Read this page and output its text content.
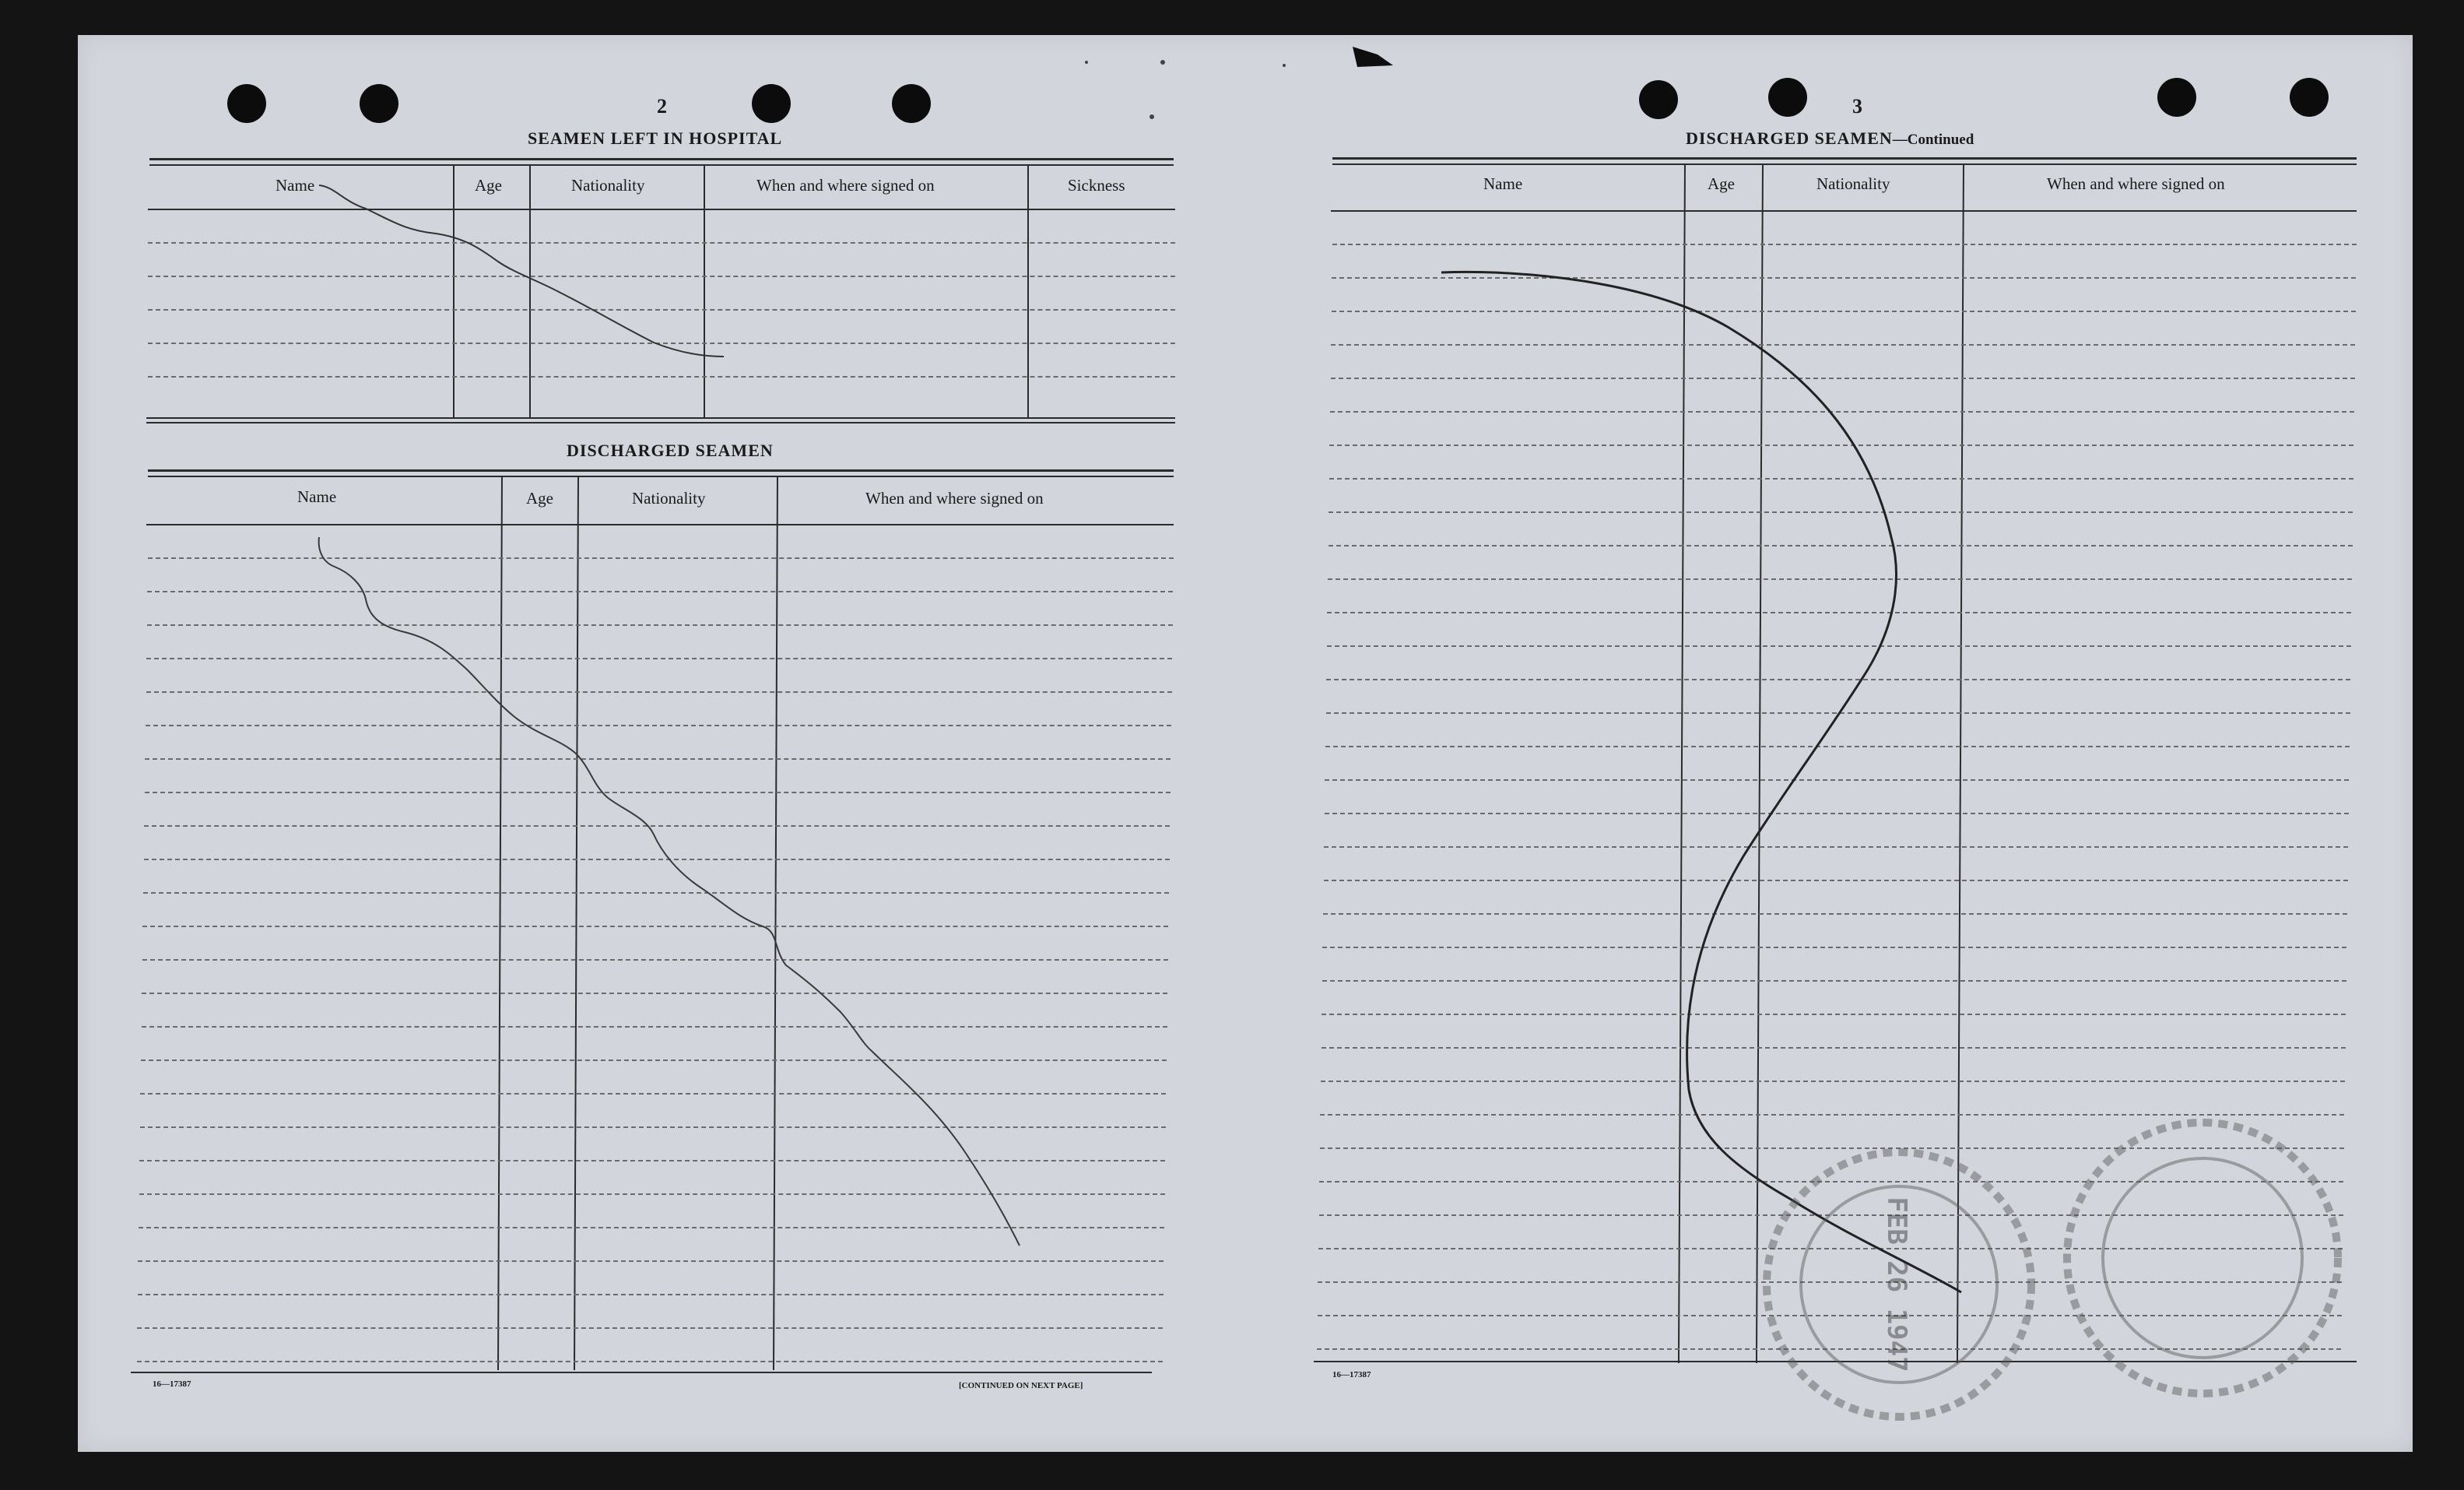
2
SEAMEN LEFT IN HOSPITAL
Name	Age	Nationality	When and where signed on	Sickness
DISCHARGED SEAMEN
Name	Age	Nationality	When and where signed on
16—17387	[CONTINUED ON NEXT PAGE]
3
DISCHARGED SEAMEN—Continued
Name	Age	Nationality	When and where signed on
16—17387
FEB 26 1947
